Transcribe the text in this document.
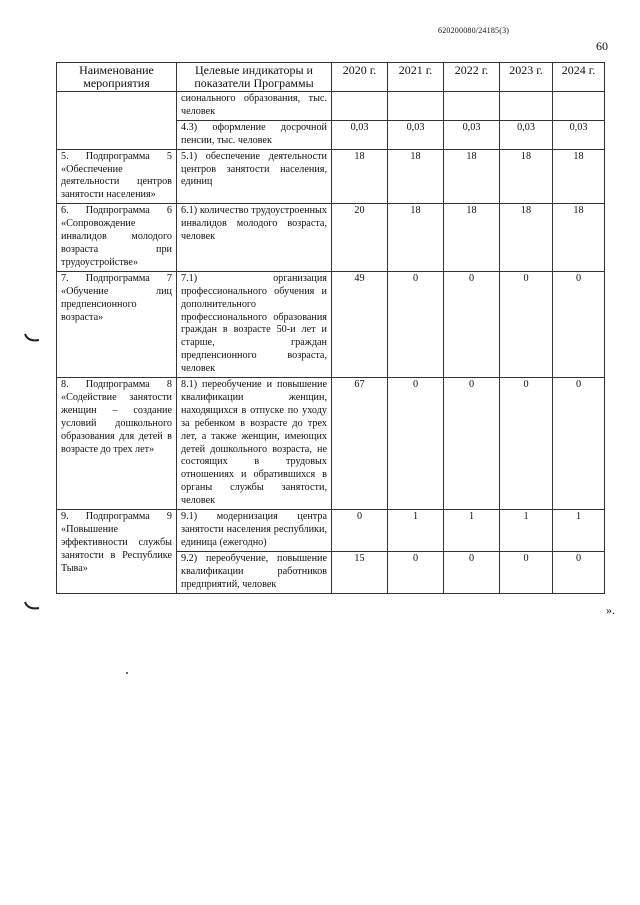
620200080/24185(3)
60
Наименование мероприятия	Целевые индикаторы и показатели Программы	2020 г.	2021 г.	2022 г.	2023 г.	2024 г.
	сионального образования, тыс. человек					
	4.3) оформление досрочной пенсии, тыс. человек	0,03	0,03	0,03	0,03	0,03
5. Подпрограмма 5 «Обеспечение деятельности центров занятости населения»	5.1) обеспечение деятельности центров занятости населения, единиц	18	18	18	18	18
6. Подпрограмма 6 «Сопровождение инвалидов молодого возраста при трудоустройстве»	6.1) количество трудоустроенных инвалидов молодого возраста, человек	20	18	18	18	18
7. Подпрограмма 7 «Обучение лиц предпенсионного возраста»	7.1) организация профессионального обучения и дополнительного профессионального образования граждан в возрасте 50-и лет и старше, граждан предпенсионного возраста, человек	49	0	0	0	0
8. Подпрограмма 8 «Содействие занятости женщин – создание условий дошкольного образования для детей в возрасте до трех лет»	8.1) переобучение и повышение квалификации женщин, находящихся в отпуске по уходу за ребенком в возрасте до трех лет, а также женщин, имеющих детей дошкольного возраста, не состоящих в трудовых отношениях и обратившихся в органы службы занятости, человек	67	0	0	0	0
9. Подпрограмма 9 «Повышение эффективности службы занятости в Республике Тыва»	9.1) модернизация центра занятости населения республики, единица (ежегодно)	0	1	1	1	1
	9.2) переобучение, повышение квалификации работников предприятий, человек	15	0	0	0	0
».
